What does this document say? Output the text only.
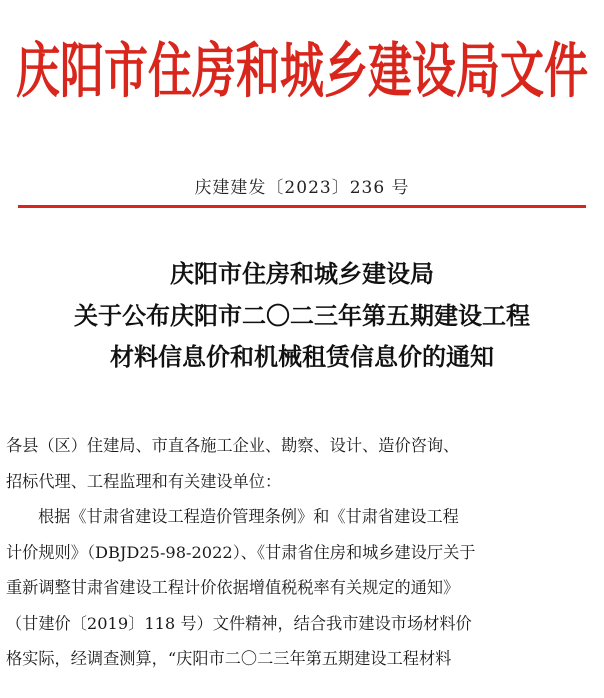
庆阳市住房和城乡建设局文件
庆建建发〔2023〕236 号
庆阳市住房和城乡建设局
关于公布庆阳市二〇二三年第五期建设工程
材料信息价和机械租赁信息价的通知
各县（区）住建局、市直各施工企业、勘察、设计、造价咨询、
招标代理、工程监理和有关建设单位：
根据《甘肃省建设工程造价管理条例》和《甘肃省建设工程
计价规则》（DBJD25-98-2022）、《甘肃省住房和城乡建设厅关于
重新调整甘肃省建设工程计价依据增值税税率有关规定的通知》
（甘建价〔2019〕118 号）文件精神，结合我市建设市场材料价
格实际，经调查测算，“庆阳市二〇二三年第五期建设工程材料
